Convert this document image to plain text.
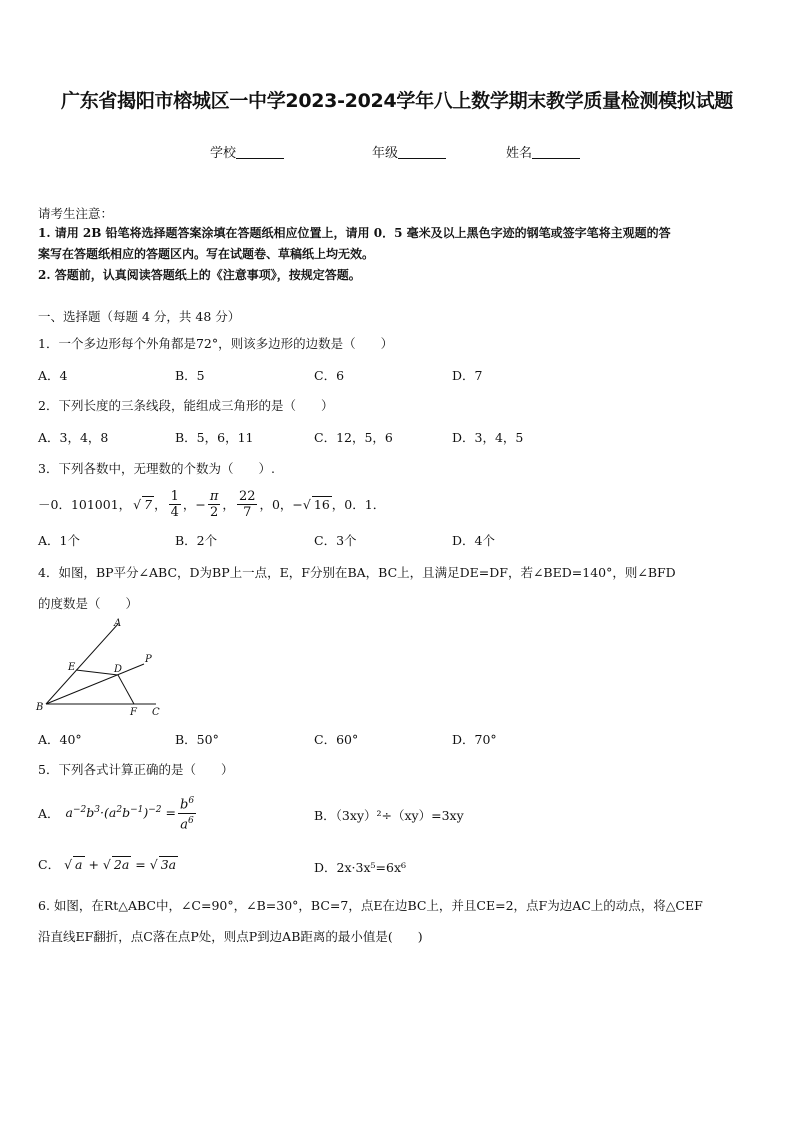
广东省揭阳市榕城区一中学2023-2024学年八上数学期末教学质量检测模拟试题
学校	年级	姓名
请考生注意：
1. 请用 2B 铅笔将选择题答案涂填在答题纸相应位置上，请用 0．5 毫米及以上黑色字迹的钢笔或签字笔将主观题的答
案写在答题纸相应的答题区内。写在试题卷、草稿纸上均无效。
2. 答题前，认真阅读答题纸上的《注意事项》，按规定答题。
一、选择题（每题 4 分，共 48 分）
1．一个多边形每个外角都是72°，则该多边形的边数是（　　）
A．4	B．5	C．6	D．7
2．下列长度的三条线段，能组成三角形的是（　　）
A．3，4，8	B．5，6，11	C．12，5，6	D．3，4，5
3．下列各数中，无理数的个数为（　　）.
－0．101001， √ 7 ， $\frac{1}{4}$ ，− $\frac{\pi}{2}$ ， $\frac{22}{7}$ ，0，− √ 16 ，0．1．
A．1个	B．2个	C．3个	D．4个
4．如图，BP平分∠ABC，D为BP上一点，E，F分别在BA，BC上，且满足DE=DF，若∠BED=140°，则∠BFD
的度数是（　　）
A
E	D
P
B	F C
A．40°	B．50°	C．60°	D．70°
5．下列各式计算正确的是（　　）
A． $a^{-2}b^3\cdot(a^2b^{-1})^{-2} = \frac{b^6}{a^6}$	B．（3xy）²÷（xy）=3xy
C． √ a + √ 2a = √ 3a	D．2x·3x⁵=6x⁶
6. 如图，在Rt△ABC中，∠C=90°，∠B=30°，BC=7，点E在边BC上，并且CE=2，点F为边AC上的动点，将△CEF
沿直线EF翻折，点C落在点P处，则点P到边AB距离的最小值是(　　)
